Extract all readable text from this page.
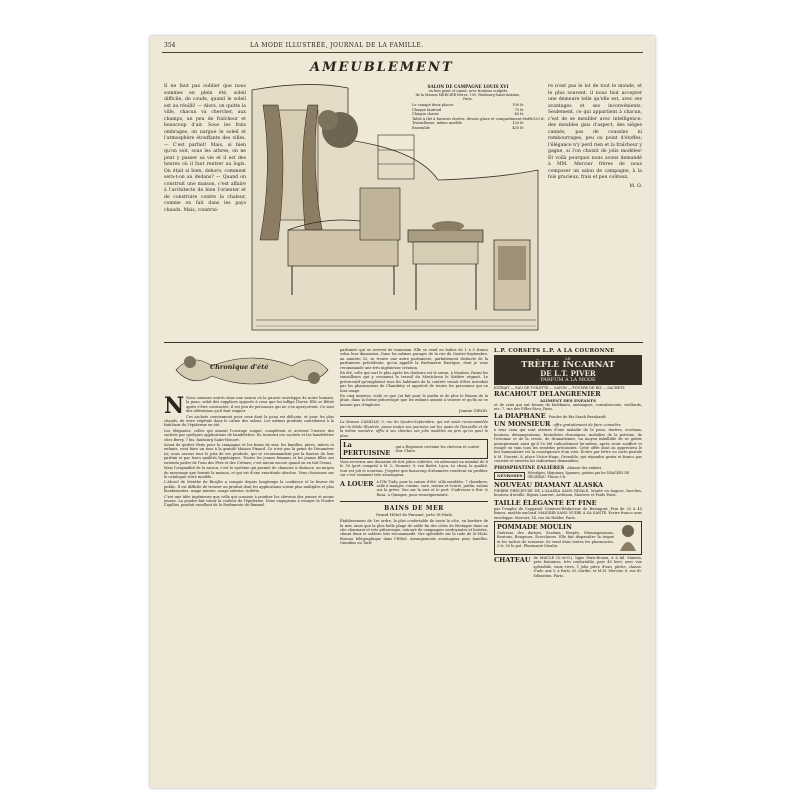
354	LA MODE ILLUSTRÉE, JOURNAL DE LA FAMILLE.
AMEUBLEMENT

Il ne faut pas oublier que nous sommes en plein été, soleil difficile, de coude, quand le soleil est au réuilli! — Alors, on quitte la ville, chacun va chercher, aux champs, un peu de fraîcheur et beaucoup d'air. Sous les frais ombrages, on narguе le soleil et l'atmosphère étouffante des villes. — C'est parfait! Mais, si bien qu'on soit, sous les arbres, on ne peut y passer sa vie et il est des heures où il faut rentrer au logis. On était si bien, dehors; comment sera-t-on au dedans? — Quand on construit une maison, c'est affaire à l'architecte de bien l'orienter et de construire contre la chaleur, comme on fait dans les pays chauds. Mais, construi-

SALON DE CAMPAGNE LOUIS XVI
en bois peint et canné, avec frontons sculptés
de la Maison MERCIER frères, 100, Faubourg-Saint-Antoine, Paris.
Le canapé deux places	100 fr.
Chaque fauteuil	75 fr.
Chaque chaise	40 fr.
Table à thé à bavures dorées, dessus glace et compartiment étoffe 120 fr.
Travailleuse, même modèle	120 fr.
Ensemble	435 fr.

re n'est pas le lot de tout le monde, et le plus souvent, il nous faut accepter une demeure telle qu'elle est, avec ses avantages et ses inconvénients. Seulement, ce qui appartient à chacun, c'est de se meubler avec intelligence: des meubles gais d'aspect, des sièges cannés, pas de coussins ni rembourrages, peu ou point d'étoffes; l'élégance n'y perd rien et la fraîcheur y gagne, si l'on choisit de jolis modèles! Et voilà pourquoi nous avons demandé à MM. Mercier frères de nous composer un salon de campagne, à la fois gracieux, frais et peu coûteux.

M. O.
Chronique d'été
N Nous sommes entrés dans une saison où la pauvre enveloppe de notre humain, la peau, subit des supplices opposés à ceux que lui inflige l'hiver. Elle se flétrit après s'être contractée, il est peu de personnes qui ne s'en aperçoivent. Ce sont des altérations qu'il faut soigner.

Ces sachets conviennent pour ceux dont la peau est délicate, et pour les plus chauds, de terre végétale dans le calme des salons. Les mêmes produits contribuent à la fraîcheur de l'épiderme en été.

Les élégantes, celles qui aiment l'ouvrage soigné, complètent et activent l'œuvre des sachets par quelques applications de bandelettes. Ils trouvent ces sachets et les bandelettes chez Berry, 7 bis, faubourg Saint-Honoré.

Avant de quitter Paris pour la campagne et les bains de mer, les familles, pères, mères et enfants, vont faire un tour à la grande Maison Pinaud. Ce n'est pas la peine de l'énumérer ici; nous savons tous le prix de ses produits, qui se recommandent par la finesse de leur parfum et par leurs qualités hygiéniques. Toutes les jeunes femmes et les jeunes filles ont entendu parler de l'eau des Fées et des Crèmes; c'est mieux encore quand on en fait l'essai.

Mais l'originalité de la saison, c'est le système qui permet de chausser à distance, au moyen du mesurage que fournit la maison, et qui est d'une exactitude absolue. Vous choisissez sur le catalogue votre modèle.

L'Alcool de Menthe de Ricqlès a conquis depuis longtemps la confiance et la faveur du public. Il est difficile de trouver un produit dont les applications soient plus multiples et plus bienfaisantes: usage interne, usage externe, toilette.

C'est une idée ingénieuse que celle qui consiste à poudrer les cheveux des jeunes et moins jeunes. La poudre fait valoir la couleur de l'épiderme. Nous engageons à essayer la Poudre Capillus, produit excellent de la Parfumerie de Rimmel.

parfumée qui se servent de tonneaux. Elle se vend en boîtes de 1 à 5 francs selon leur dimension. Dans les mêmes parages de la rue du Quatre-Septembre, au numéro 32, se trouve une autre parfumerie, parfaitement distincte de la parfumerie précédente, qu'on appelle la Parfumerie Exotique, dont je vous recommande une très ingénieuse création.

En été, celle qui sort le plus après les chaleurs est le savon, à Moulins. Parmi les travailleurs qui y cessaient le travail du Montclavin le théâtre régnait. Le préservatif qu'emploient tous les habitants de la contrée venait d'être introduit par les pharmaciens de Chambéry et apprécié de toutes les personnes qui en font usage.

En cinq minutes, voilà ce que j'ai fait pour le jardin et de plus le Bassin de la pluie, dans la forme pittoresque que les enfants aiment à trouver et qu'ils ne se lassent pas d'explorer.

Jeanne GIROD.

La Maison CAMILLE, 9, rue du Quatre-Septembre, qui est seule recommandée par la Mode Illustrée, passe toutes ses journées sur les quais de Deauville et de la même manière, offre à ses clientes ses jolis modèles au prix qu'on peut le plus.

La PERTUISINE
qui a Repousse certaine les cheveux et contre leur Chute.

Vous recevrez une douzaine de fort jolies voilettes, en adressant un mandat de 6 fr. 50 (port compris) à M. L. Dumont, 9, rue Bailet, Lyon. Le choix, la qualité, tout est joli et nouveau. J'espère que beaucoup d'abonnées voudront en profiter, car c'est vraiment très avantageux.

A LOUER à l'Ile Tudy, pour la saison d'été, villa meublée, 7 chambres, salle à manger, cuisine, cave, remise et écurie, jardin, salons sur la grève. Vue sur la mer et le port. S'adresser à Eric & Rosa, à Quimper, pour renseignements.
BAINS DE MER
Grand Hôtel de Paramé, près St-Malo

Établissement de 1re ordre, la plus confortable de toute la côte, en bordure de la mer, ainsi que la plus belle plage de sable fin des côtes de Bretagne dans un site charmant et très pittoresque, entouré de campagnes verdoyantes et boisées, climat doux et salubre très recommandé. Vue splendide sur la rade de St-Malo. Bureau télégraphique dans l'Hôtel. Arrangements avantageux pour familles. Omnibus au Tarif.

L.P. CORSETS L.P. A LA COURONNE
LE
TRÈFLE INCARNAT
DE L.T. PIVER
PARFUM A LA MODE
EXTRAIT — EAU DE TOILETTE — SAVON — POUDRE DE RIZ — SACHETS
RACAHOUT DELANGRENIER
ALIMENT DES ENFANTS

et de ceux qui ont besoin de fortifiants, anémiques, convalescents, vieillards, etc. 7, rue des Filles-Dieu, Paris.

La DIAPHANE Poudre de Riz Sarah Bernhardt
UN MONSIEUR offre gratuitement de faire connaître

à tous ceux qui sont atteints d'une maladie de la peau, dartres, eczémas, boutons, démangeaisons, bronchites chroniques, maladies de la poitrine, de l'estomac et de la vessie, de rhumatismes, un moyen infaillible de se guérir promptement ainsi qu'il l'a été radicalement lui-même, après avoir souffert et essayé en vain tous les remèdes préconisés. Cette offre dont on appréciera le but humanitaire est la conséquence d'un vœu. Écrire par lettre ou carte postale à M. Vincent, 8, place Victor-Hugo, Grenoble, qui répondra gratis et franco par courrier et enverra les indications demandées.

PHOSPHATINE FALIÈRES Aliment des enfants
NÉVROSES	Névralgies, Migraines, Spasmes, guéries par les DRAGÉES DE GÉLINEAU. Flacon 5 fr.
NOUVEAU DIAMANT ALASKA

PIERRE PRÉCIEUSE DE L'ALASKA SANS RIVALE, Monté en bagues, broches, boutons d'oreille. Bijoux Laurent, Ardisson, Montres et Poids Paris.

TAILLE ÉLÉGANTE ET FINE

par l'emploi de l'appareil Ceinture-Réducteur de Bessiguet. Prix de 25 à 45 francs, modèle exclusif. MAIGRIR SANS NUIRE A SA SANTÉ. Écrire franco sous enveloppe. Mercier, 14, rue du Helder, Paris.

POMMADE MOULIN
Guérison des dartres, Eczéma, Herpès, Démangeaisons, Boutons, Rougeurs, Écorchures. Elle fait disparaître la teigne et les taches de rousseur. Se vend dans toutes les pharmacies. 2 fr. 50 le pot. Pharmacie Moulin.
CHATEAU de MAULE (S.-et-O.), ligne Paris-Rouen, à 6 kil. Mantes, près fontaines, très confortable, parc 40 hect. avec vue splendide, eaux vives, 1 jolie pièce d'eau, pêche, chasse. S'adr. aux 5, à Paris, M. Gardie, et M.M. Mercier, 8, rue St-Sébastien, Paris.
